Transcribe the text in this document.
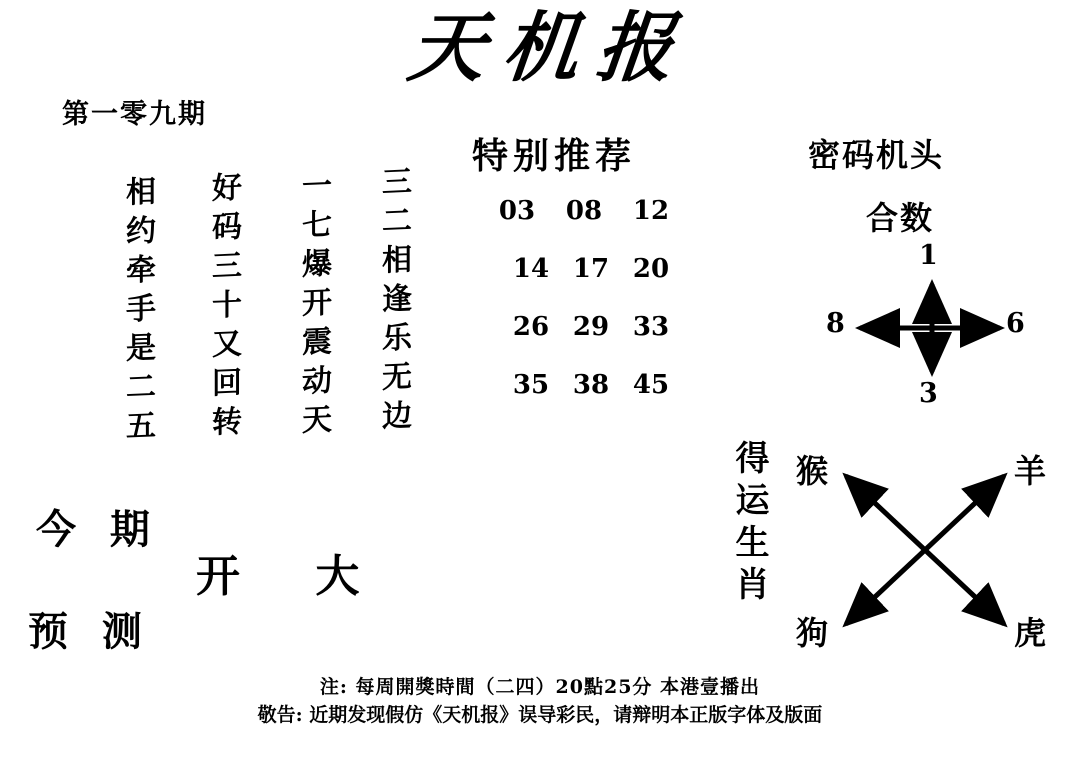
天机报
第一零九期
三二相逢乐无边
一七爆开震动天
好码三十又回转
相约牵手是二五
特别推荐
03 08 12
14 17 20
26 29 33
35 38 45
密码机头
合数
1
8	6
3
得运生肖 猴	羊
狗	虎
今 期
开 大
预 测
注: 每周開獎時間（二四）20點25分 本港壹播出
敬告: 近期发现假仿《天机报》误导彩民，请辩明本正版字体及版面
